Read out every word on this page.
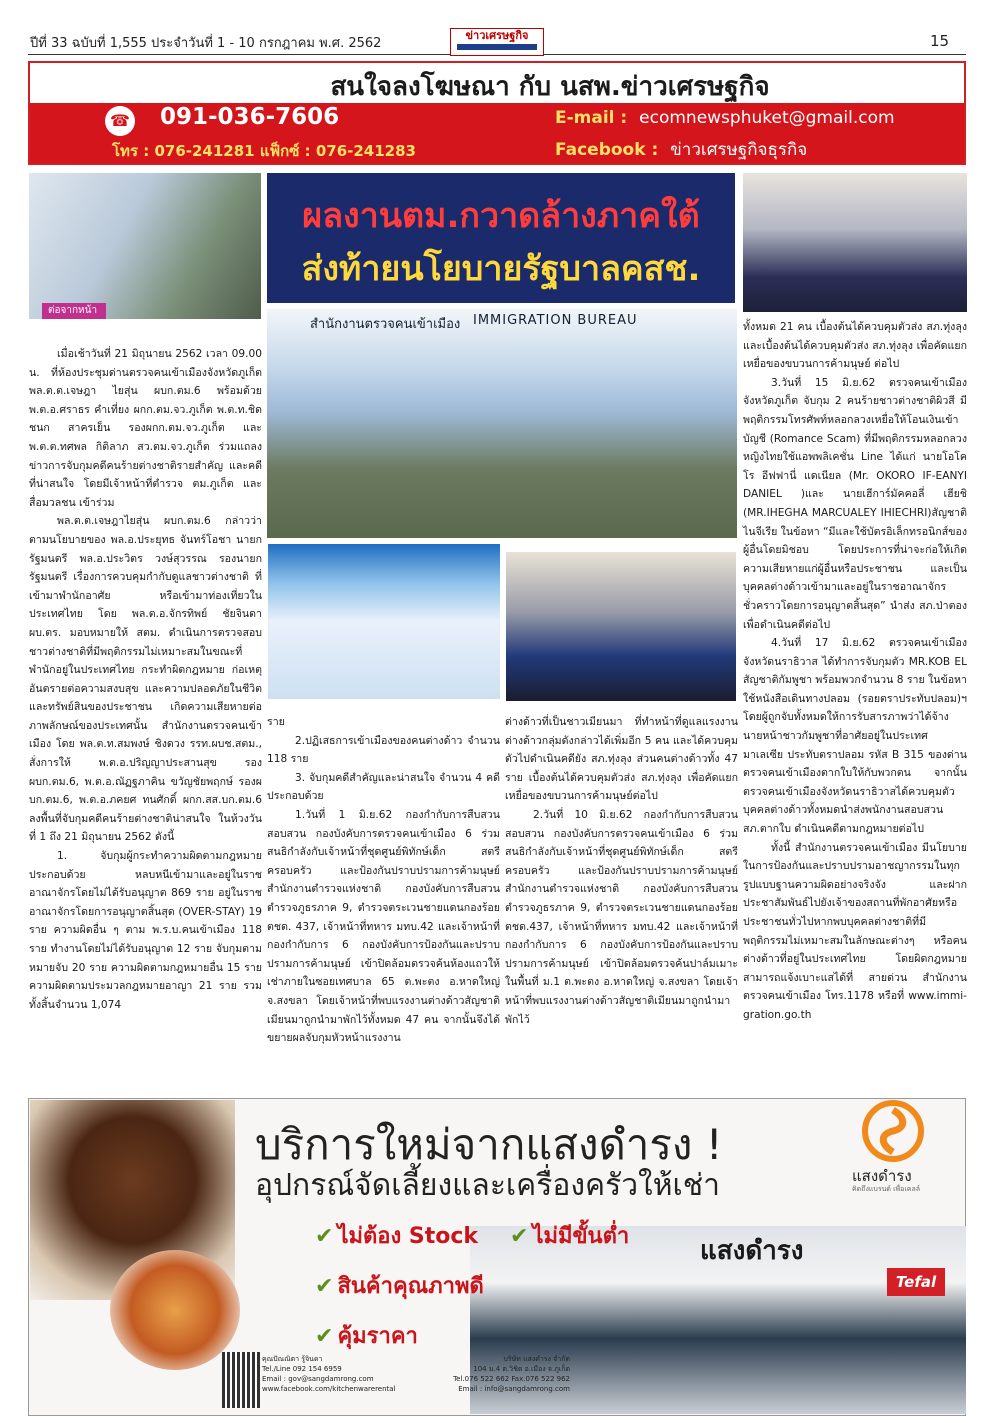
ปีที่ 33 ฉบับที่ 1,555 ประจำวันที่ 1 - 10 กรกฎาคม พ.ศ. 2562
ข่าวเศรษฐกิจ	15
สนใจลงโฆษณา กับ นสพ.ข่าวเศรษฐกิจ
☎ 091-036-7606
โทร : 076-241281 แฟ็กซ์ : 076-241283
E-mail : ecomnewsphuket@gmail.com
Facebook : ข่าวเศรษฐกิจธุรกิจ
ต่อจากหน้า 5
ผลงานตม.กวาดล้างภาคใต้
ส่งท้ายนโยบายรัฐบาลคสช.
สำนักงานตรวจคนเข้าเมือง IMMIGRATION BUREAU

เมื่อเช้าวันที่ 21 มิถุนายน 2562 เวลา 09.00 น. ที่ห้องประชุมด่านตรวจคนเข้าเมืองจังหวัดภูเก็ต พล.ต.ต.เจษฎา ไยสุ่น ผบก.ตม.6 พร้อมด้วย พ.ต.อ.ศราธร คำเที่ยง ผกก.ตม.จว.ภูเก็ต พ.ต.ท.ชิดชนก สาครเย็น รองผกก.ตม.จว.ภูเก็ต และ พ.ต.ต.ทศพล กิติลาภ สว.ตม.จว.ภูเก็ต ร่วมแถลงข่าวการจับกุมคดีคนร้ายต่างชาติรายสำคัญ และคดีที่น่าสนใจ โดยมีเจ้าหน้าที่ตำรวจ ตม.ภูเก็ต และสื่อมวลชน เข้าร่วม

พล.ต.ต.เจษฎาไยสุ่น ผบก.ตม.6 กล่าวว่า ตามนโยบายของ พล.อ.ประยุทธ จันทร์โอชา นายกรัฐมนตรี พล.อ.ประวิตร วงษ์สุวรรณ รองนายกรัฐมนตรี เรื่องการควบคุมกำกับดูแลชาวต่างชาติ ที่เข้ามาพำนักอาศัย หรือเข้ามาท่องเที่ยวในประเทศไทย โดย พล.ต.อ.จักรทิพย์ ชัยจินดา ผบ.ตร. มอบหมายให้ สตม. ดำเนินการตรวจสอบชาวต่างชาติที่มีพฤติกรรมไม่เหมาะสมในขณะที่พำนักอยู่ในประเทศไทย กระทำผิดกฎหมาย ก่อเหตุอันตรายต่อความสงบสุข และความปลอดภัยในชีวิต และทรัพย์สินของประชาชน เกิดความเสียหายต่อภาพลักษณ์ของประเทศนั้น สำนักงานตรวจคนเข้าเมือง โดย พล.ต.ท.สมพงษ์ ชิงดวง รรท.ผบช.สตม., สั่งการให้ พ.ต.อ.ปริญญาประสานสุข รอง ผบก.ตม.6, พ.ต.อ.ณัฏฐภาคิน ขวัญชัยพฤกษ์ รองผบก.ตม.6, พ.ต.อ.ภคยศ ทนศักดิ์ ผกก.สส.บก.ตม.6 ลงพื้นที่จับกุมคดีคนร้ายต่างชาติน่าสนใจ ในห้วงวันที่ 1 ถึง 21 มิถุนายน 2562 ดังนี้

1. จับกุมผู้กระทำความผิดตามกฎหมาย ประกอบด้วย หลบหนีเข้ามาและอยู่ในราชอาณาจักรโดยไม่ได้รับอนุญาต 869 ราย อยู่ในราชอาณาจักรโดยการอนุญาตสิ้นสุด (OVER-STAY) 19 ราย ความผิดอื่น ๆ ตาม พ.ร.บ.คนเข้าเมือง 118 ราย ทำงานโดยไม่ได้รับอนุญาต 12 ราย จับกุมตามหมายจับ 20 ราย ความผิดตามกฎหมายอื่น 15 ราย ความผิดตามประมวลกฎหมายอาญา 21 ราย รวมทั้งสิ้นจำนวน 1,074

ราย

2.ปฏิเสธการเข้าเมืองของคนต่างด้าว จำนวน 118 ราย

3. จับกุมคดีสำคัญและน่าสนใจ จำนวน 4 คดี ประกอบด้วย

1.วันที่ 1 มิ.ย.62 กองกำกับการสืบสวนสอบสวน กองบังคับการตรวจคนเข้าเมือง 6 ร่วมสนธิกำลังกับเจ้าหน้าที่ชุดศูนย์พิทักษ์เด็ก สตรี ครอบครัว และป้องกันปราบปรามการค้ามนุษย์ สำนักงานตำรวจแห่งชาติ กองบังคับการสืบสวนตำรวจภูธรภาค 9, ตำรวจตระเวนชายแดนกองร้อยตชด. 437, เจ้าหน้าที่ทหาร มทบ.42 และเจ้าหน้าที่กองกำกับการ 6 กองบังคับการป้องกันและปราบปรามการค้ามนุษย์ เข้าปิดล้อมตรวจค้นห้องแถวให้เช่าภายในซอยเทศบาล 65 ต.พะตง อ.หาดใหญ่ จ.สงขลา โดยเจ้าหน้าที่พบแรงงานต่างด้าวสัญชาติเมียนมาถูกนำมาพักไว้ทั้งหมด 47 คน จากนั้นจึงได้ขยายผลจับกุมหัวหน้าแรงงาน

ต่างด้าวที่เป็นชาวเมียนมา ที่ทำหน้าที่ดูแลแรงงานต่างด้าวกลุ่มดังกล่าวได้เพิ่มอีก 5 คน และได้ควบคุมตัวไปดำเนินคดียัง สภ.ทุ่งลุง ส่วนคนต่างด้าวทั้ง 47 ราย เบื้องต้นได้ควบคุมตัวส่ง สภ.ทุ่งลุง เพื่อคัดแยกเหยื่อของขบวนการค้ามนุษย์ต่อไป

2.วันที่ 10 มิ.ย.62 กองกำกับการสืบสวนสอบสวน กองบังคับการตรวจคนเข้าเมือง 6 ร่วมสนธิกำลังกับเจ้าหน้าที่ชุดศูนย์พิทักษ์เด็ก สตรี ครอบครัว และป้องกันปราบปรามการค้ามนุษย์ สำนักงานตำรวจแห่งชาติ กองบังคับการสืบสวนตำรวจภูธรภาค 9, ตำรวจตระเวนชายแดนกองร้อยตชด.437, เจ้าหน้าที่ทหาร มทบ.42 และเจ้าหน้าที่กองกำกับการ 6 กองบังคับการป้องกันและปราบปรามการค้ามนุษย์ เข้าปิดล้อมตรวจค้นปาล์มเมาะในพื้นที่ ม.1 ต.พะตง อ.หาดใหญ่ จ.สงขลา โดยเจ้าหน้าที่พบแรงงานต่างด้าวสัญชาติเมียนมาถูกนำมาพักไว้

ทั้งหมด 21 คน เบื้องต้นได้ควบคุมตัวส่ง สภ.ทุ่งลุง และเบื้องต้นได้ควบคุมตัวส่ง สภ.ทุ่งลุง เพื่อคัดแยกเหยื่อของขบวนการค้ามนุษย์ ต่อไป

3.วันที่ 15 มิ.ย.62 ตรวจคนเข้าเมืองจังหวัดภูเก็ต จับกุม 2 คนร้ายชาวต่างชาติผิวสี มีพฤติกรรมโทรศัพท์หลอกลวงเหยื่อให้โอนเงินเข้าบัญชี (Romance Scam) ที่มีพฤติกรรมหลอกลวงหญิงไทยใช้แอพพลิเคชั่น Line ได้แก่ นายโอโคโร อีฟฟานี่ แดเนียล (Mr. OKORO IF-EANYI DANIEL )และ นายเฮีการ์มัคคอลี่ เฮียชิ (MR.IHEGHA MARCUALEY IHIECHRI)สัญชาติไนจีเรีย ในข้อหา “มีและใช้บัตรอิเล็กทรอนิกส์ของผู้อื่นโดยมิชอบ โดยประการที่น่าจะก่อให้เกิดความเสียหายแก่ผู้อื่นหรือประชาชน และเป็นบุคคลต่างด้าวเข้ามาและอยู่ในราชอาณาจักรชั่วคราวโดยการอนุญาตสิ้นสุด” นำส่ง สภ.ป่าตอง เพื่อดำเนินคดีต่อไป

4.วันที่ 17 มิ.ย.62 ตรวจคนเข้าเมืองจังหวัดนราธิวาส ได้ทำการจับกุมตัว MR.KOB EL สัญชาติกัมพูชา พร้อมพวกจำนวน 8 ราย ในข้อหา ใช้หนังสือเดินทางปลอม (รอยตราประทับปลอม)ฯ โดยผู้ถูกจับทั้งหมดให้การรับสารภาพว่าได้จ้างนายหน้าชาวกัมพูชาที่อาศัยอยู่ในประเทศมาเลเซีย ประทับตราปลอม รหัส B 315 ของด่านตรวจคนเข้าเมืองตากใบให้กับพวกตน จากนั้นตรวจคนเข้าเมืองจังหวัดนราธิวาสได้ควบคุมตัวบุคคลต่างด้าวทั้งหมดนำส่งพนักงานสอบสวน สภ.ตากใบ ดำเนินคดีตามกฎหมายต่อไป

ทั้งนี้ สำนักงานตรวจคนเข้าเมือง มีนโยบายในการป้องกันและปราบปรามอาชญากรรมในทุกรูปแบบฐานความผิดอย่างจริงจัง และฝากประชาสัมพันธ์ไปยังเจ้าของสถานที่พักอาศัยหรือประชาชนทั่วไปหากพบบุคคลต่างชาติที่มีพฤติกรรมไม่เหมาะสมในลักษณะต่างๆ หรือคนต่างด้าวที่อยู่ในประเทศไทย โดยผิดกฎหมาย สามารถแจ้งเบาะแสได้ที่ สายด่วน สำนักงานตรวจคนเข้าเมือง โทร.1178 หรือที่ www.immi-gration.go.th

แสงดำรง
Tefal
บริการใหม่จากแสงดำรง !
อุปกรณ์จัดเลี้ยงและเครื่องครัวให้เช่า
✔ ไม่ต้อง Stock ✔ ไม่มีขั้นต่ำ
✔ สินค้าคุณภาพดี
✔ คุ้มราคา
แสงดำรง
คิดถึงแบรนด์ เพื่อเคลล์
คุณปัณณิตา รู้จินดา
Tel./Line 092 154 6959
Email : gov@sangdamrong.com
www.facebook.com/kitchenwarerental
บริษัท แสงดำรง จำกัด
104 ม.4 ต.วิชิต อ.เมือง จ.ภูเก็ต
Tel.076 522 662 Fax.076 522 962
Email : info@sangdamrong.com
